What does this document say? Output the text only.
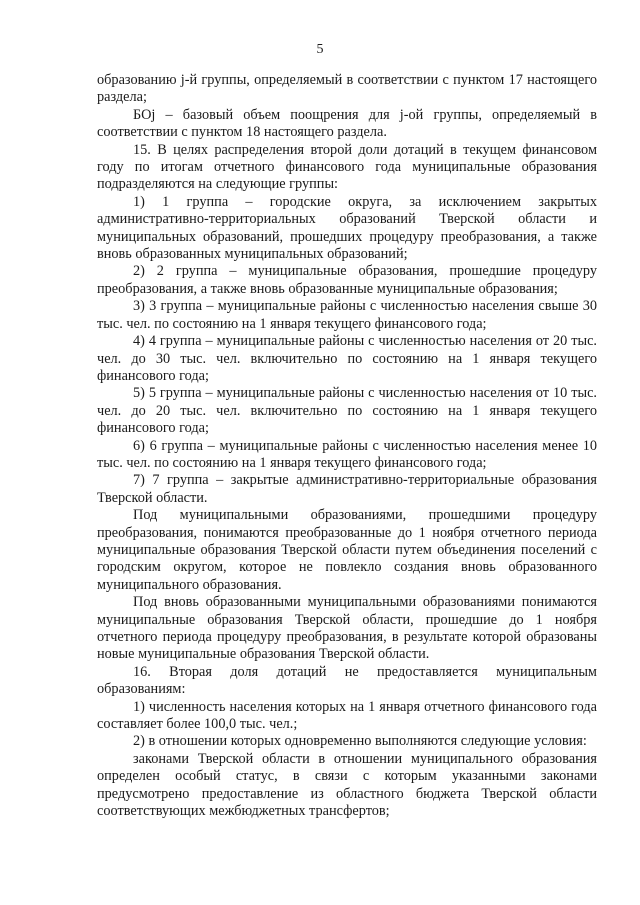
5

образованию j-й группы, определяемый в соответствии с пунктом 17 настоящего раздела;

БОj – базовый объем поощрения для j-ой группы, определяемый в соответствии с пунктом 18 настоящего раздела.

15. В целях распределения второй доли дотаций в текущем финансовом году по итогам отчетного финансового года муниципальные образования подразделяются на следующие группы:

1) 1 группа – городские округа, за исключением закрытых административно-территориальных образований Тверской области и муниципальных образований, прошедших процедуру преобразования, а также вновь образованных муниципальных образований;

2) 2 группа – муниципальные образования, прошедшие процедуру преобразования, а также вновь образованные муниципальные образования;

3) 3 группа – муниципальные районы с численностью населения свыше 30 тыс. чел. по состоянию на 1 января текущего финансового года;

4) 4 группа – муниципальные районы с численностью населения от 20 тыс. чел. до 30 тыс. чел. включительно по состоянию на 1 января текущего финансового года;

5) 5 группа – муниципальные районы с численностью населения от 10 тыс. чел. до 20 тыс. чел. включительно по состоянию на 1 января текущего финансового года;

6) 6 группа – муниципальные районы с численностью населения менее 10 тыс. чел. по состоянию на 1 января текущего финансового года;

7) 7 группа – закрытые административно-территориальные образования Тверской области.

Под муниципальными образованиями, прошедшими процедуру преобразования, понимаются преобразованные до 1 ноября отчетного периода муниципальные образования Тверской области путем объединения поселений с городским округом, которое не повлекло создания вновь образованного муниципального образования.

Под вновь образованными муниципальными образованиями понимаются муниципальные образования Тверской области, прошедшие до 1 ноября отчетного периода процедуру преобразования, в результате которой образованы новые муниципальные образования Тверской области.

16. Вторая доля дотаций не предоставляется муниципальным образованиям:

1) численность населения которых на 1 января отчетного финансового года составляет более 100,0 тыс. чел.;

2) в отношении которых одновременно выполняются следующие условия:

законами Тверской области в отношении муниципального образования определен особый статус, в связи с которым указанными законами предусмотрено предоставление из областного бюджета Тверской области соответствующих межбюджетных трансфертов;
